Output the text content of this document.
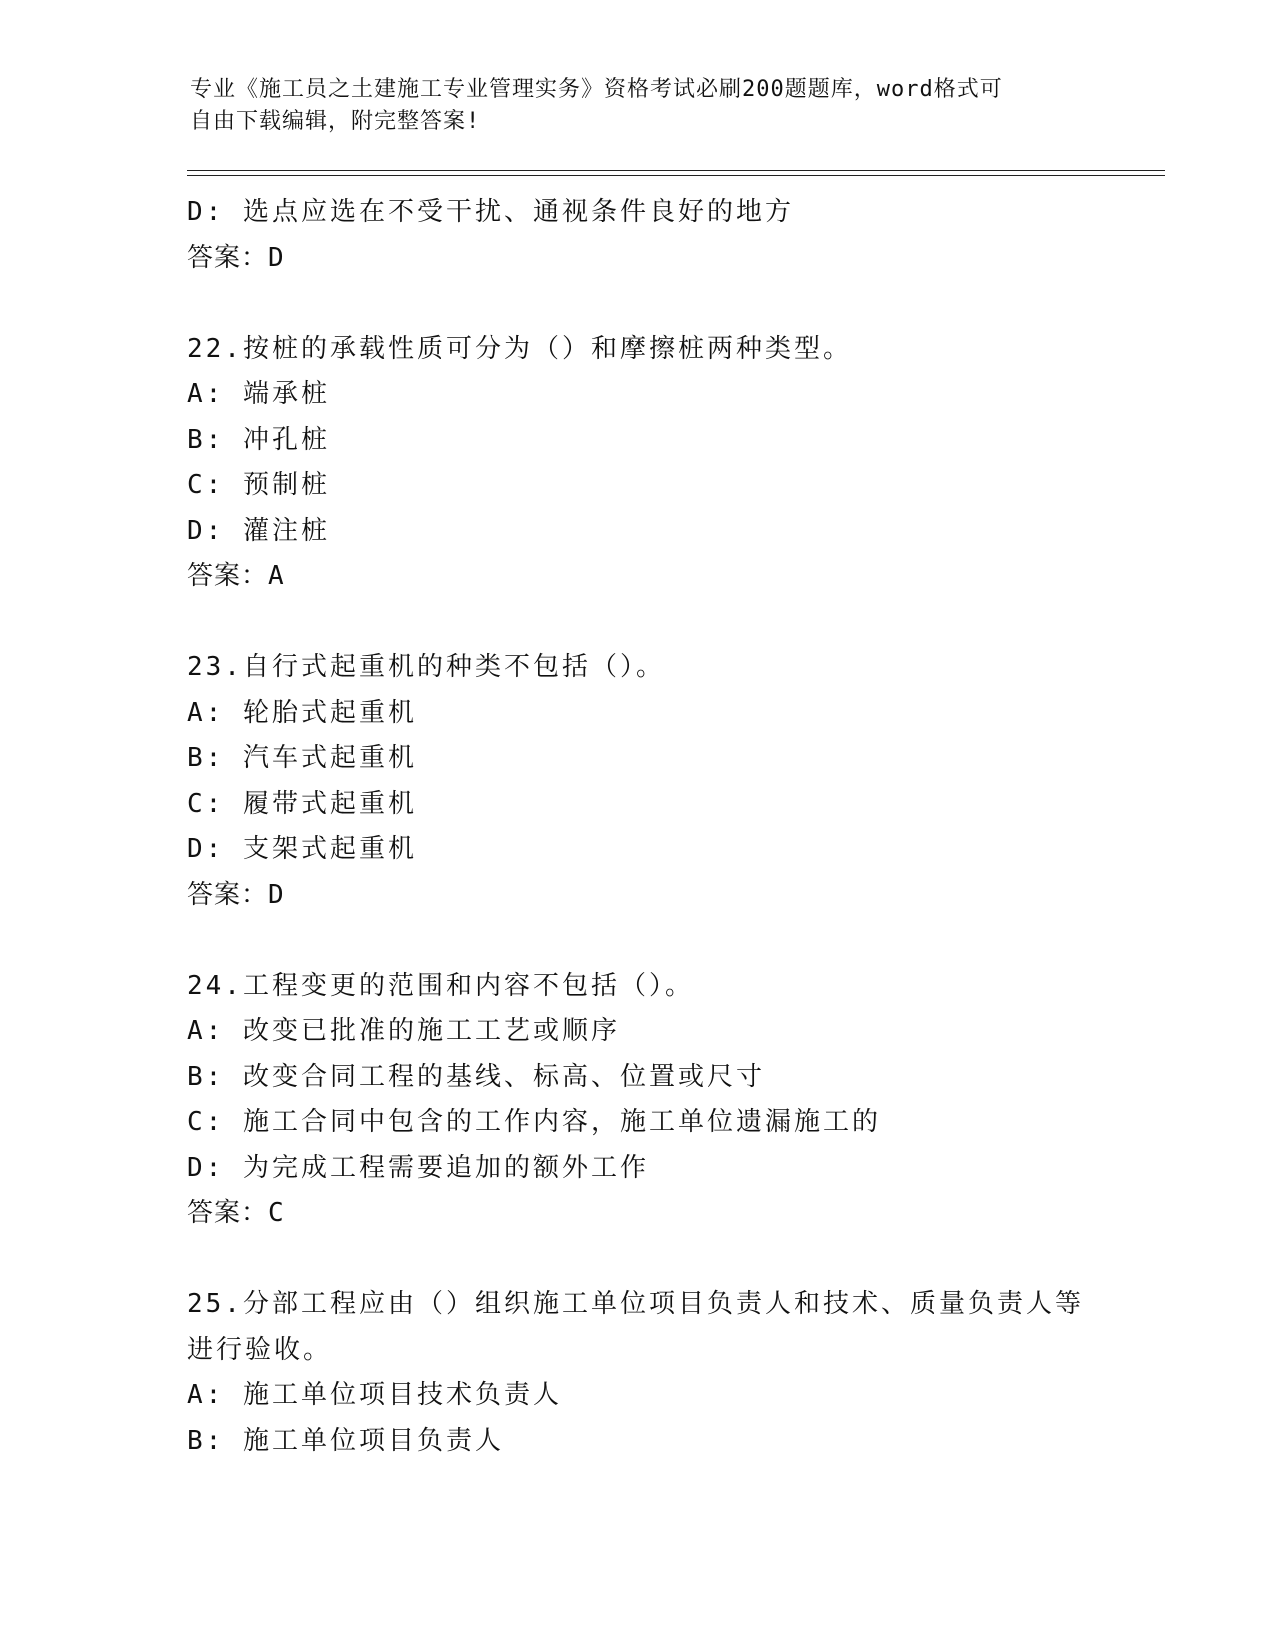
专业《施工员之土建施工专业管理实务》资格考试必刷200题题库，word格式可
自由下载编辑，附完整答案!
D: 选点应选在不受干扰、通视条件良好的地方
答案：D
22.按桩的承载性质可分为（）和摩擦桩两种类型。
A: 端承桩
B: 冲孔桩
C: 预制桩
D: 灌注桩
答案：A
23.自行式起重机的种类不包括（）。
A: 轮胎式起重机
B: 汽车式起重机
C: 履带式起重机
D: 支架式起重机
答案：D
24.工程变更的范围和内容不包括（）。
A: 改变已批准的施工工艺或顺序
B: 改变合同工程的基线、标高、位置或尺寸
C: 施工合同中包含的工作内容，施工单位遗漏施工的
D: 为完成工程需要追加的额外工作
答案：C
25.分部工程应由（）组织施工单位项目负责人和技术、质量负责人等
进行验收。
A: 施工单位项目技术负责人
B: 施工单位项目负责人
